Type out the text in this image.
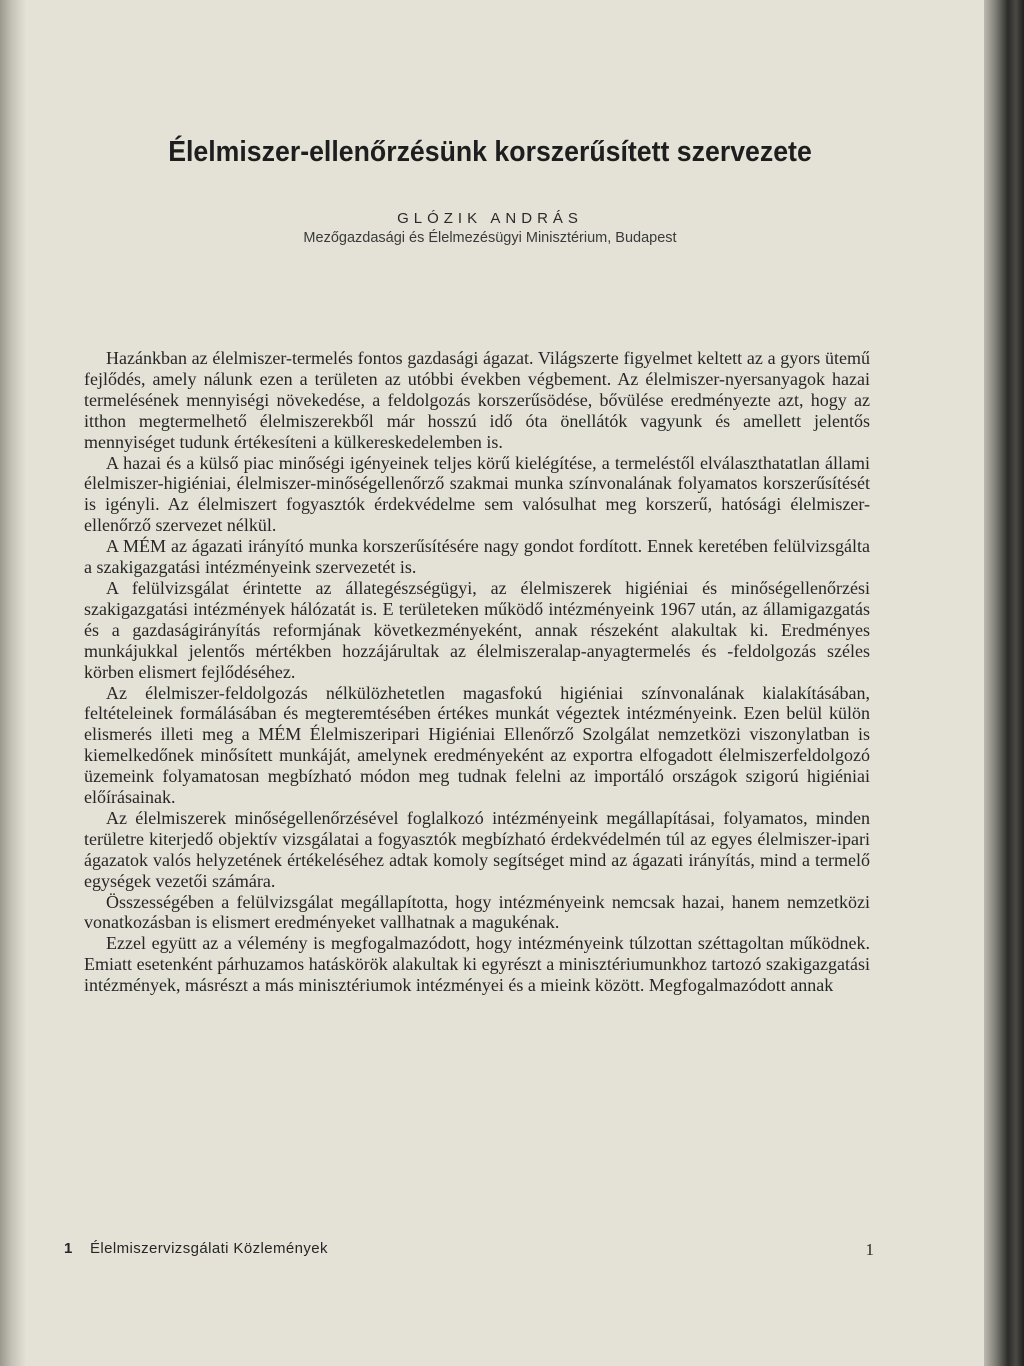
Élelmiszer-ellenőrzésünk korszerűsített szervezete
GLÓZIK ANDRÁS
Mezőgazdasági és Élelmezésügyi Minisztérium, Budapest

Hazánkban az élelmiszer-termelés fontos gazdasági ágazat. Világszerte figyelmet keltett az a gyors ütemű fejlődés, amely nálunk ezen a területen az utóbbi években végbement. Az élelmiszer-nyersanyagok hazai termelésének mennyiségi növekedése, a feldolgozás korszerűsödése, bővülése eredményezte azt, hogy az itthon megtermelhető élelmiszerekből már hosszú idő óta önellátók vagyunk és amellett jelentős mennyiséget tudunk értékesíteni a külkereskedelemben is.

A hazai és a külső piac minőségi igényeinek teljes körű kielégítése, a termeléstől elválaszthatatlan állami élelmiszer-higiéniai, élelmiszer-minőségellenőrző szakmai munka színvonalának folyamatos korszerűsítését is igényli. Az élelmiszert fogyasztók érdekvédelme sem valósulhat meg korszerű, hatósági élelmiszer-ellenőrző szervezet nélkül.

A MÉM az ágazati irányító munka korszerűsítésére nagy gondot fordított. Ennek keretében felülvizsgálta a szakigazgatási intézményeink szervezetét is.

A felülvizsgálat érintette az állategészségügyi, az élelmiszerek higiéniai és minőségellenőrzési szakigazgatási intézmények hálózatát is. E területeken működő intézményeink 1967 után, az államigazgatás és a gazdaságirányítás reformjának következményeként, annak részeként alakultak ki. Eredményes munkájukkal jelentős mértékben hozzájárultak az élelmiszeralap-anyagtermelés és -feldolgozás széles körben elismert fejlődéséhez.

Az élelmiszer-feldolgozás nélkülözhetetlen magasfokú higiéniai színvonalának kialakításában, feltételeinek formálásában és megteremtésében értékes munkát végeztek intézményeink. Ezen belül külön elismerés illeti meg a MÉM Élelmiszeripari Higiéniai Ellenőrző Szolgálat nemzetközi viszonylatban is kiemelkedőnek minősített munkáját, amelynek eredményeként az exportra elfogadott élelmiszerfeldolgozó üzemeink folyamatosan megbízható módon meg tudnak felelni az importáló országok szigorú higiéniai előírásainak.

Az élelmiszerek minőségellenőrzésével foglalkozó intézményeink megállapításai, folyamatos, minden területre kiterjedő objektív vizsgálatai a fogyasztók megbízható érdekvédelmén túl az egyes élelmiszer-ipari ágazatok valós helyzetének értékeléséhez adtak komoly segítséget mind az ágazati irányítás, mind a termelő egységek vezetői számára.

Összességében a felülvizsgálat megállapította, hogy intézményeink nemcsak hazai, hanem nemzetközi vonatkozásban is elismert eredményeket vallhatnak a magukénak.

Ezzel együtt az a vélemény is megfogalmazódott, hogy intézményeink túlzottan széttagoltan működnek. Emiatt esetenként párhuzamos hatáskörök alakultak ki egyrészt a minisztériumunkhoz tartozó szakigazgatási intézmények, másrészt a más minisztériumok intézményei és a mieink között. Megfogalmazódott annak

1 Élelmiszervizsgálati Közlemények	1
